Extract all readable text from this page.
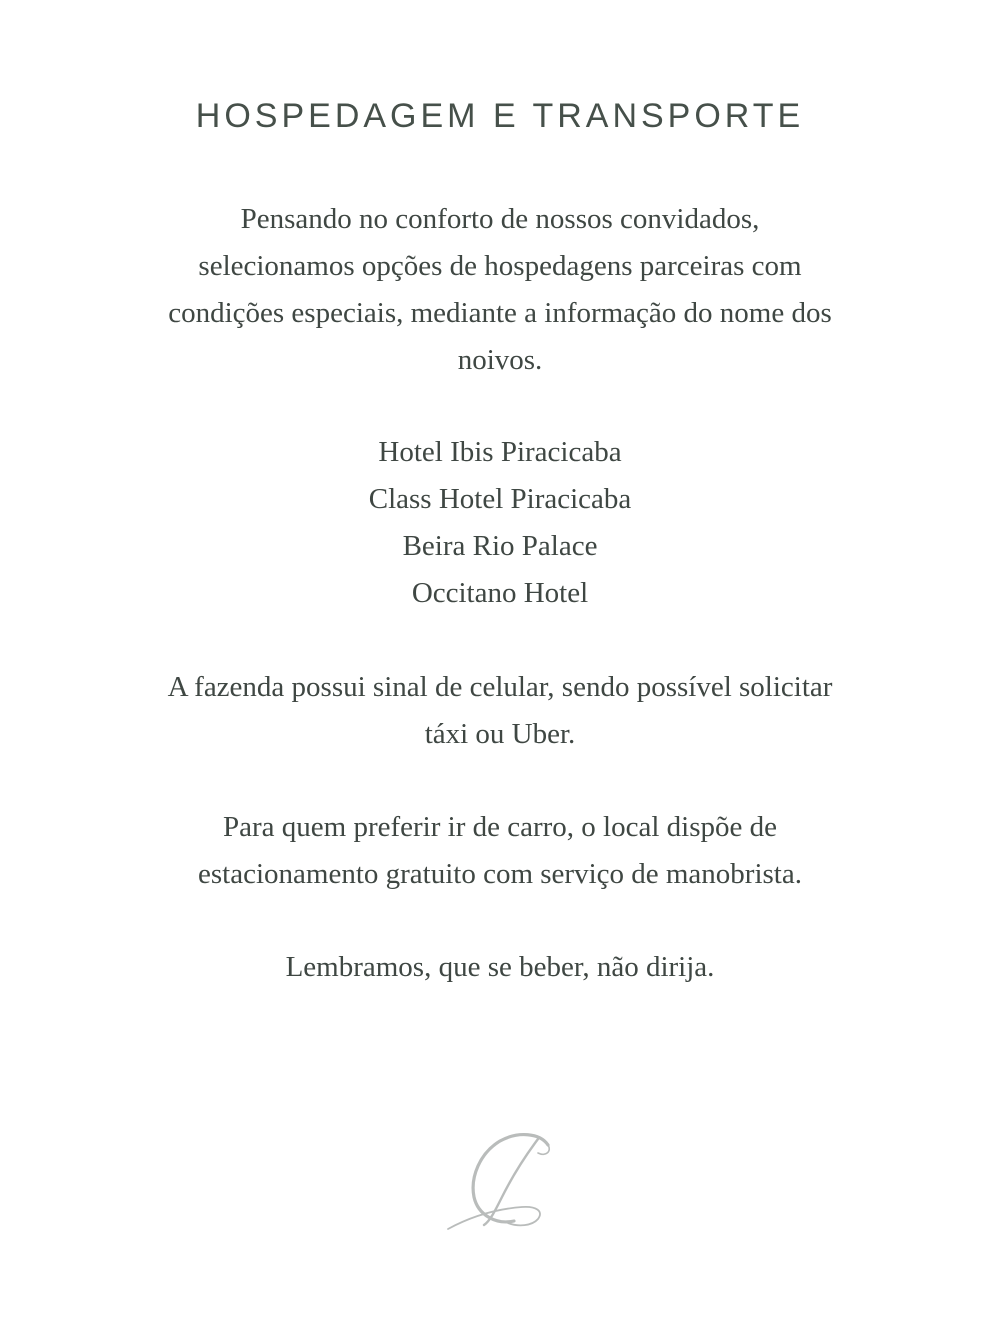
HOSPEDAGEM E TRANSPORTE

Pensando no conforto de nossos convidados,

selecionamos opções de hospedagens parceiras com

condições especiais, mediante a informação do nome dos

noivos.

Hotel Ibis Piracicaba

Class Hotel Piracicaba

Beira Rio Palace

Occitano Hotel

A fazenda possui sinal de celular, sendo possível solicitar

táxi ou Uber.

Para quem preferir ir de carro, o local dispõe de

estacionamento gratuito com serviço de manobrista.

Lembramos, que se beber, não dirija.
